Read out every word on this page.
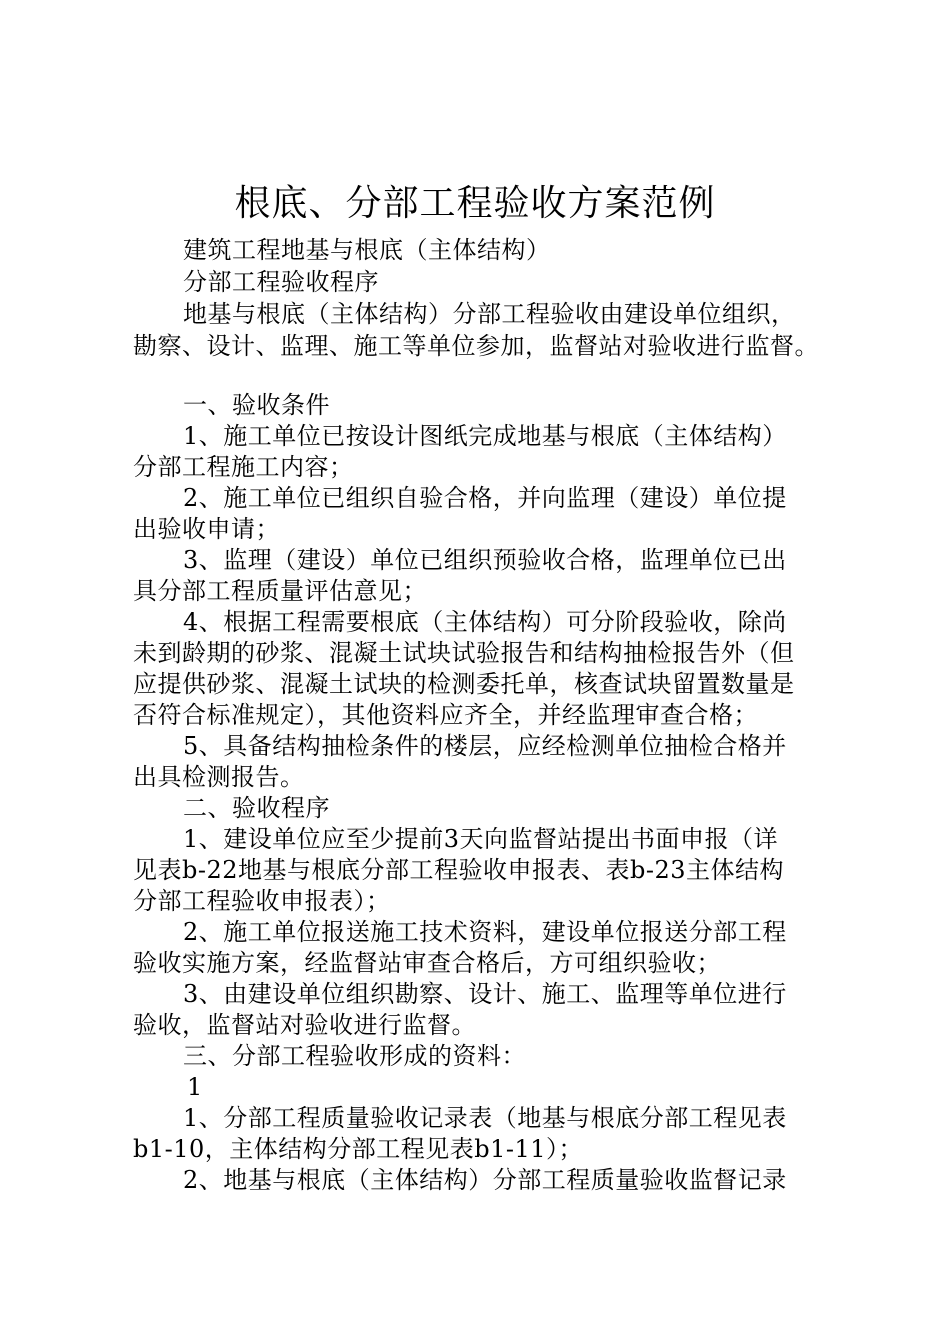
根底、分部工程验收方案范例
建筑工程地基与根底（主体结构）
分部工程验收程序
地基与根底（主体结构）分部工程验收由建设单位组织，
勘察、设计、监理、施工等单位参加，监督站对验收进行监督。
一、验收条件
1、施工单位已按设计图纸完成地基与根底（主体结构）
分部工程施工内容；
2、施工单位已组织自验合格，并向监理（建设）单位提
出验收申请；
3、监理（建设）单位已组织预验收合格，监理单位已出
具分部工程质量评估意见；
4、根据工程需要根底（主体结构）可分阶段验收，除尚
未到龄期的砂浆、混凝土试块试验报告和结构抽检报告外（但
应提供砂浆、混凝土试块的检测委托单，核查试块留置数量是
否符合标准规定），其他资料应齐全，并经监理审查合格；
5、具备结构抽检条件的楼层，应经检测单位抽检合格并
出具检测报告。
二、验收程序
1、建设单位应至少提前3天向监督站提出书面申报（详
见表b-22地基与根底分部工程验收申报表、表b-23主体结构
分部工程验收申报表）；
2、施工单位报送施工技术资料，建设单位报送分部工程
验收实施方案，经监督站审查合格后，方可组织验收；
3、由建设单位组织勘察、设计、施工、监理等单位进行
验收，监督站对验收进行监督。
三、分部工程验收形成的资料：
1
1、分部工程质量验收记录表（地基与根底分部工程见表
b1-10，主体结构分部工程见表b1-11）；
2、地基与根底（主体结构）分部工程质量验收监督记录
